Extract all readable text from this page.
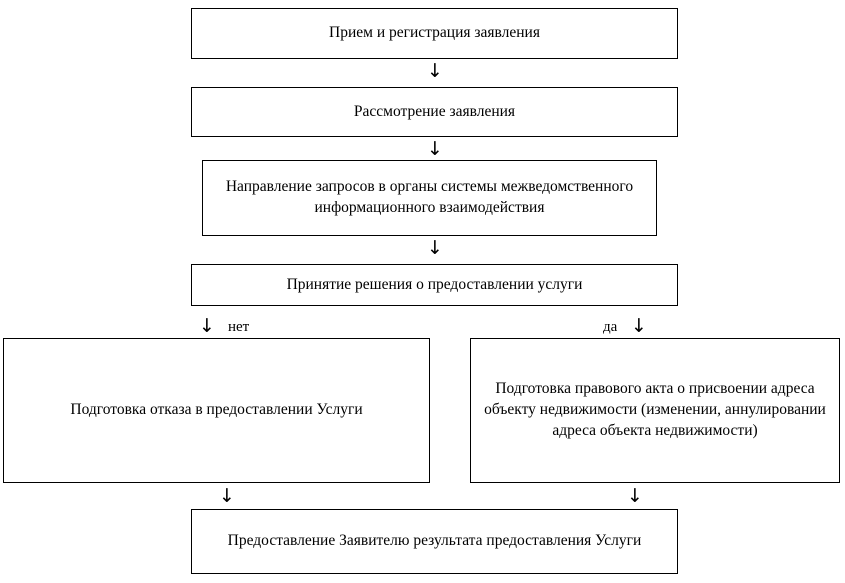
Прием и регистрация заявления
↓
Рассмотрение заявления
↓
Направление запросов в органы системы межведомственного информационного взаимодействия
↓
Принятие решения о предоставлении услуги
↓ нет	да ↓
Подготовка отказа в предоставлении Услуги
Подготовка правового акта о присвоении адреса объекту недвижимости (изменении, аннулировании адреса объекта недвижимости)
↓	↓
Предоставление Заявителю результата предоставления Услуги
